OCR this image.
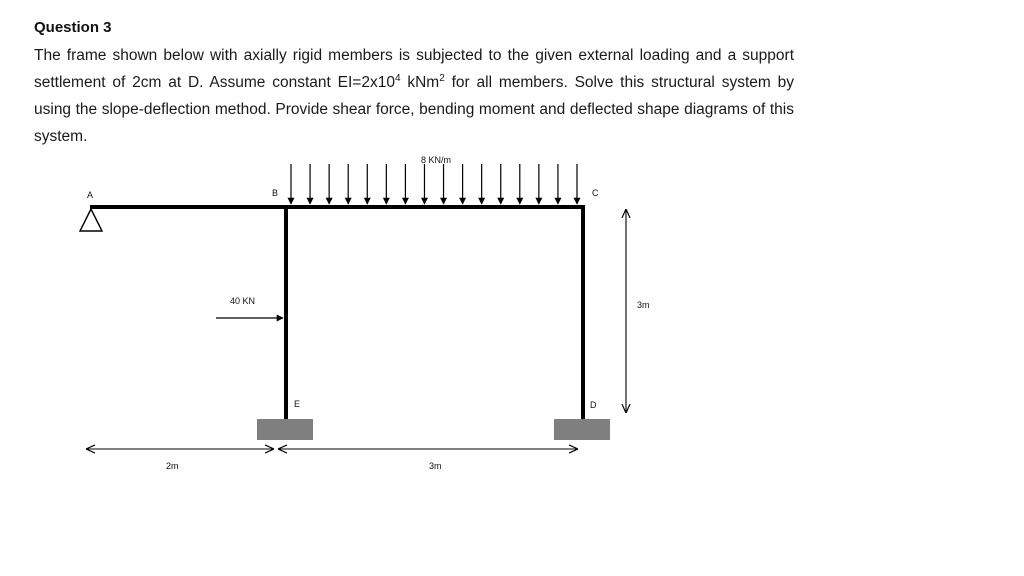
Question 3

The frame shown below with axially rigid members is subjected to the given external loading and a support settlement of 2cm at D. Assume constant $EI=2x10^4$ kNm$^2$ for all members. Solve this structural system by using the slope-deflection method. Provide shear force, bending moment and deflected shape diagrams of this system.

A	B	C
E	D
8 KN/m
40 KN
2m	3m
3m
